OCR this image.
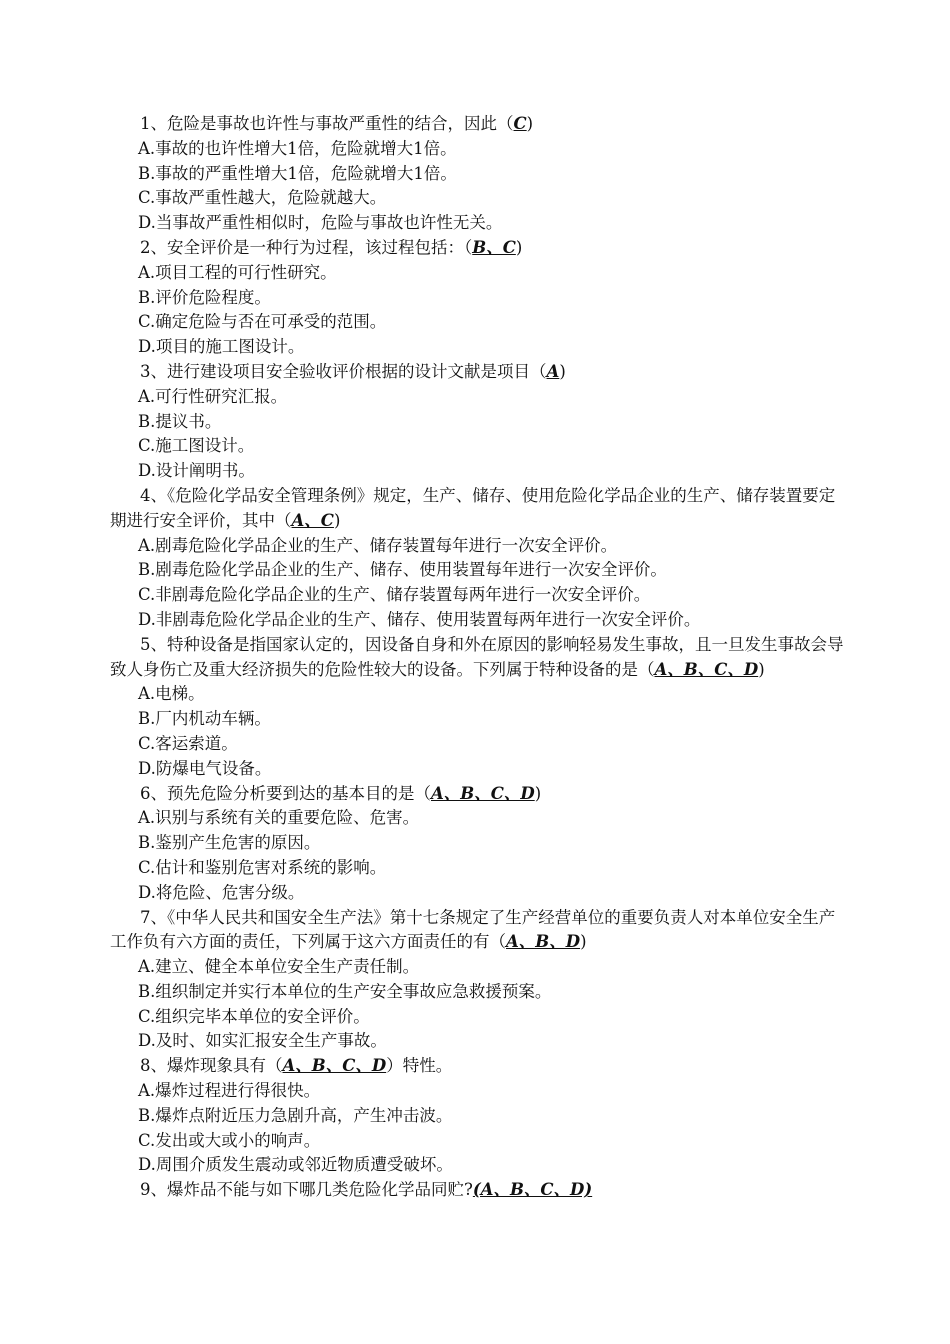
1、危险是事故也许性与事故严重性的结合，因此（C)

A.事故的也许性增大1倍，危险就增大1倍。

B.事故的严重性增大1倍，危险就增大1倍。

C.事故严重性越大，危险就越大。

D.当事故严重性相似时，危险与事故也许性无关。

2、安全评价是一种行为过程，该过程包括：（B、C)

A.项目工程的可行性研究。

B.评价危险程度。

C.确定危险与否在可承受的范围。

D.项目的施工图设计。

3、进行建设项目安全验收评价根据的设计文献是项目（A)

A.可行性研究汇报。

B.提议书。

C.施工图设计。

D.设计阐明书。

4、《危险化学品安全管理条例》规定，生产、储存、使用危险化学品企业的生产、储存装置要定期进行安全评价，其中（A、C)

A.剧毒危险化学品企业的生产、储存装置每年进行一次安全评价。

B.剧毒危险化学品企业的生产、储存、使用装置每年进行一次安全评价。

C.非剧毒危险化学品企业的生产、储存装置每两年进行一次安全评价。

D.非剧毒危险化学品企业的生产、储存、使用装置每两年进行一次安全评价。

5、特种设备是指国家认定的，因设备自身和外在原因的影响轻易发生事故，且一旦发生事故会导致人身伤亡及重大经济损失的危险性较大的设备。下列属于特种设备的是（A、B、C、D)

A.电梯。

B.厂内机动车辆。

C.客运索道。

D.防爆电气设备。

6、预先危险分析要到达的基本目的是（A、B、C、D)

A.识别与系统有关的重要危险、危害。

B.鉴别产生危害的原因。

C.估计和鉴别危害对系统的影响。

D.将危险、危害分级。

7、《中华人民共和国安全生产法》第十七条规定了生产经营单位的重要负责人对本单位安全生产工作负有六方面的责任，下列属于这六方面责任的有（A、B、D)

A.建立、健全本单位安全生产责任制。

B.组织制定并实行本单位的生产安全事故应急救援预案。

C.组织完毕本单位的安全评价。

D.及时、如实汇报安全生产事故。

8、爆炸现象具有（A、B、C、D）特性。

A.爆炸过程进行得很快。

B.爆炸点附近压力急剧升高，产生冲击波。

C.发出或大或小的响声。

D.周围介质发生震动或邻近物质遭受破坏。

9、爆炸品不能与如下哪几类危险化学品同贮?(A、B、C、D)
